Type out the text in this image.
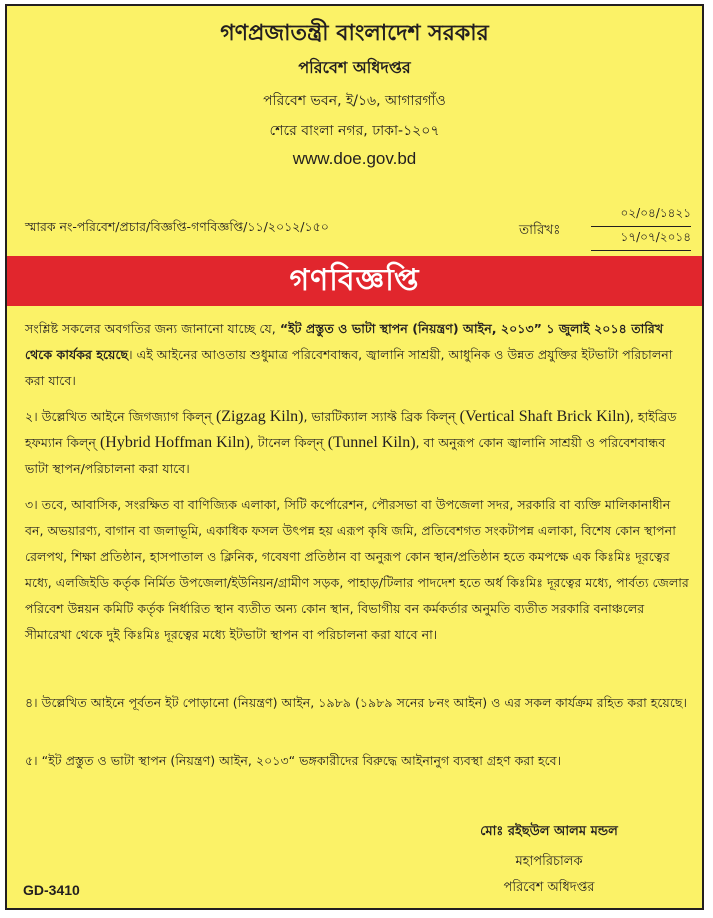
গণপ্রজাতন্ত্রী বাংলাদেশ সরকার
পরিবেশ অধিদপ্তর
পরিবেশ ভবন, ই/১৬, আগারগাঁও
শেরে বাংলা নগর, ঢাকা-১২০৭
www.doe.gov.bd
স্মারক নং-পরিবেশ/প্রচার/বিজ্ঞপ্তি-গণবিজ্ঞপ্তি/১১/২০১২/১৫০	তারিখঃ
০২/০৪/১৪২১
১৭/০৭/২০১৪
গণবিজ্ঞপ্তি
সংশ্লিষ্ট সকলের অবগতির জন্য জানানো যাচ্ছে যে, “ইট প্রস্তুত ও ভাটা স্থাপন (নিয়ন্ত্রণ) আইন, ২০১৩” ১ জুলাই ২০১৪ তারিখ থেকে কার্যকর হয়েছে। এই আইনের আওতায় শুধুমাত্র পরিবেশবান্ধব, জ্বালানি সাশ্রয়ী, আধুনিক ও উন্নত প্রযুক্তির ইটভাটা পরিচালনা করা যাবে।
২। উল্লেখিত আইনে জিগজ্যাগ কিল্‌ন্‌ (Zigzag Kiln), ভারটিক্যাল স্যাফ্ট ব্রিক কিল্‌ন্‌ (Vertical Shaft Brick Kiln), হাইব্রিড হফম্যান কিল্‌ন্‌ (Hybrid Hoffman Kiln), টানেল কিল্‌ন্‌ (Tunnel Kiln), বা অনুরূপ কোন জ্বালানি সাশ্রয়ী ও পরিবেশবান্ধব ভাটা স্থাপন/পরিচালনা করা যাবে।
৩। তবে, আবাসিক, সংরক্ষিত বা বাণিজ্যিক এলাকা, সিটি কর্পোরেশন, পৌরসভা বা উপজেলা সদর, সরকারি বা ব্যক্তি মালিকানাধীন বন, অভয়ারণ্য, বাগান বা জলাভূমি, একাধিক ফসল উৎপন্ন হয় এরূপ কৃষি জমি, প্রতিবেশগত সংকটাপন্ন এলাকা, বিশেষ কোন স্থাপনা রেলপথ, শিক্ষা প্রতিষ্ঠান, হাসপাতাল ও ক্লিনিক, গবেষণা প্রতিষ্ঠান বা অনুরূপ কোন স্থান/প্রতিষ্ঠান হতে কমপক্ষে এক কিঃমিঃ দূরত্বের মধ্যে, এলজিইডি কর্তৃক নির্মিত উপজেলা/ইউনিয়ন/গ্রামীণ সড়ক, পাহাড়/টিলার পাদদেশ হতে অর্ধ কিঃমিঃ দূরত্বের মধ্যে, পার্বত্য জেলার পরিবেশ উন্নয়ন কমিটি কর্তৃক নির্ধারিত স্থান ব্যতীত অন্য কোন স্থান, বিভাগীয় বন কর্মকর্তার অনুমতি ব্যতীত সরকারি বনাঞ্চলের সীমারেখা থেকে দুই কিঃমিঃ দূরত্বের মধ্যে ইটভাটা স্থাপন বা পরিচালনা করা যাবে না।
৪। উল্লেখিত আইনে পূর্বতন ইট পোড়ানো (নিয়ন্ত্রণ) আইন, ১৯৮৯ (১৯৮৯ সনের ৮নং আইন) ও এর সকল কার্যক্রম রহিত করা হয়েছে।
৫। “ইট প্রস্তুত ও ভাটা স্থাপন (নিয়ন্ত্রণ) আইন, ২০১৩“ ভঙ্গকারীদের বিরুদ্ধে আইনানুগ ব্যবস্থা গ্রহণ করা হবে।
মোঃ রইছউল আলম মন্ডল
মহাপরিচালক
পরিবেশ অধিদপ্তর
GD-3410
